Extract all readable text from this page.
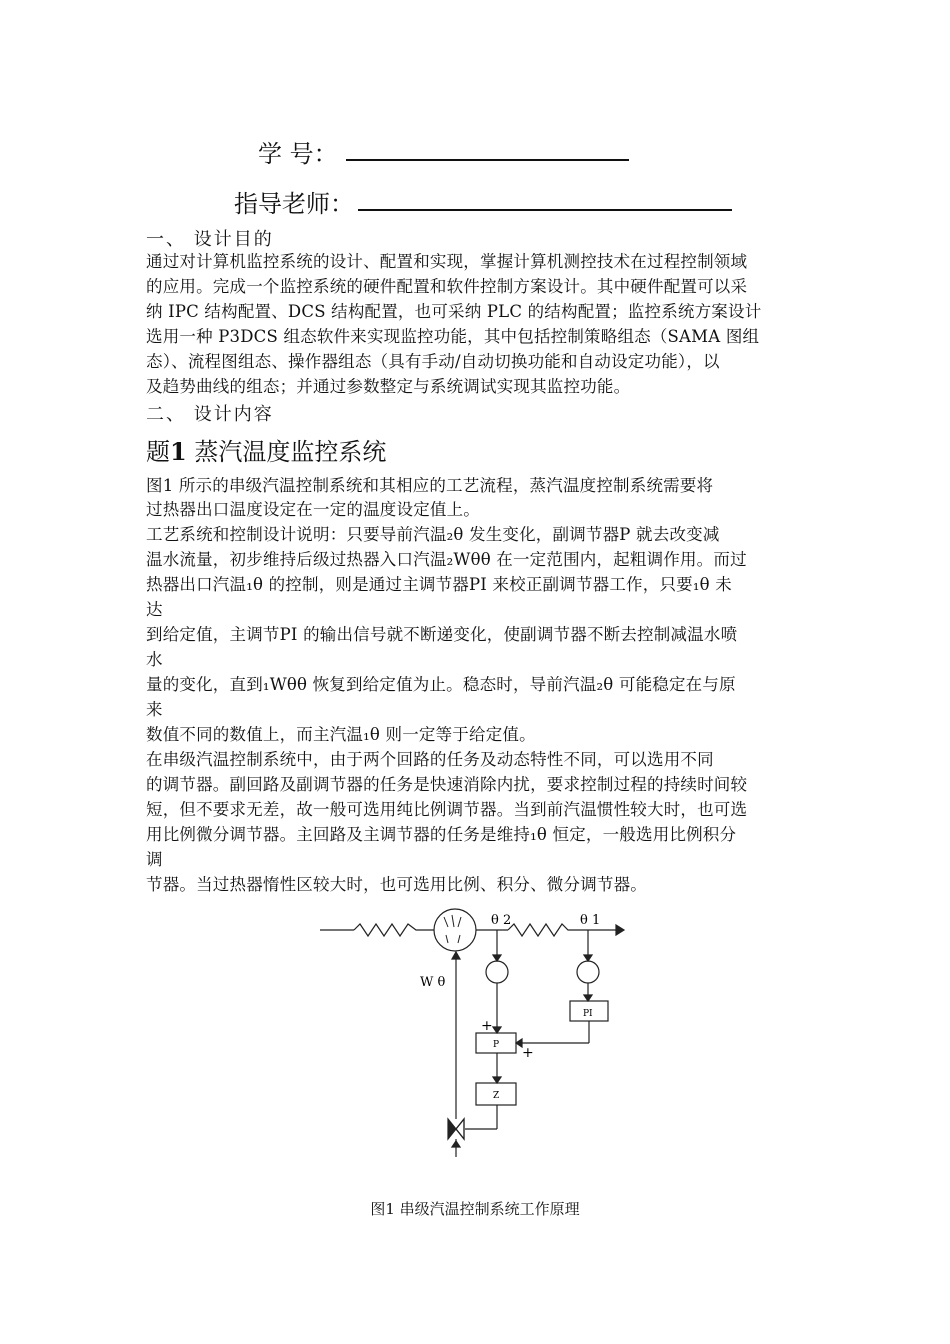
学 号：
指导老师：
一、 设计目的
通过对计算机监控系统的设计、配置和实现，掌握计算机测控技术在过程控制领域
的应用。完成一个监控系统的硬件配置和软件控制方案设计。其中硬件配置可以采
纳 IPC 结构配置、DCS 结构配置，也可采纳 PLC 的结构配置；监控系统方案设计
选用一种 P3DCS 组态软件来实现监控功能，其中包括控制策略组态（SAMA 图组
态）、流程图组态、操作器组态（具有手动/自动切换功能和自动设定功能），以
及趋势曲线的组态；并通过参数整定与系统调试实现其监控功能。
二、 设计内容
题1 蒸汽温度监控系统
图1 所示的串级汽温控制系统和其相应的工艺流程，蒸汽温度控制系统需要将
过热器出口温度设定在一定的温度设定值上。
工艺系统和控制设计说明：只要导前汽温₂θ 发生变化，副调节器P 就去改变减
温水流量，初步维持后级过热器入口汽温₂Wθθ 在一定范围内，起粗调作用。而过
热器出口汽温₁θ 的控制，则是通过主调节器PI 来校正副调节器工作，只要₁θ 未
达
到给定值，主调节PI 的输出信号就不断递变化，使副调节器不断去控制减温水喷
水
量的变化，直到₁Wθθ 恢复到给定值为止。稳态时，导前汽温₂θ 可能稳定在与原
来
数值不同的数值上，而主汽温₁θ 则一定等于给定值。
在串级汽温控制系统中，由于两个回路的任务及动态特性不同，可以选用不同
的调节器。副回路及副调节器的任务是快速消除内扰，要求控制过程的持续时间较
短，但不要求无差，故一般可选用纯比例调节器。当到前汽温惯性较大时，也可选
用比例微分调节器。主回路及主调节器的任务是维持₁θ 恒定，一般选用比例积分
调
节器。当过热器惰性区较大时，也可选用比例、积分、微分调节器。
θ 2	θ 1
W θ
PI
P
Z
+
+
图1 串级汽温控制系统工作原理
